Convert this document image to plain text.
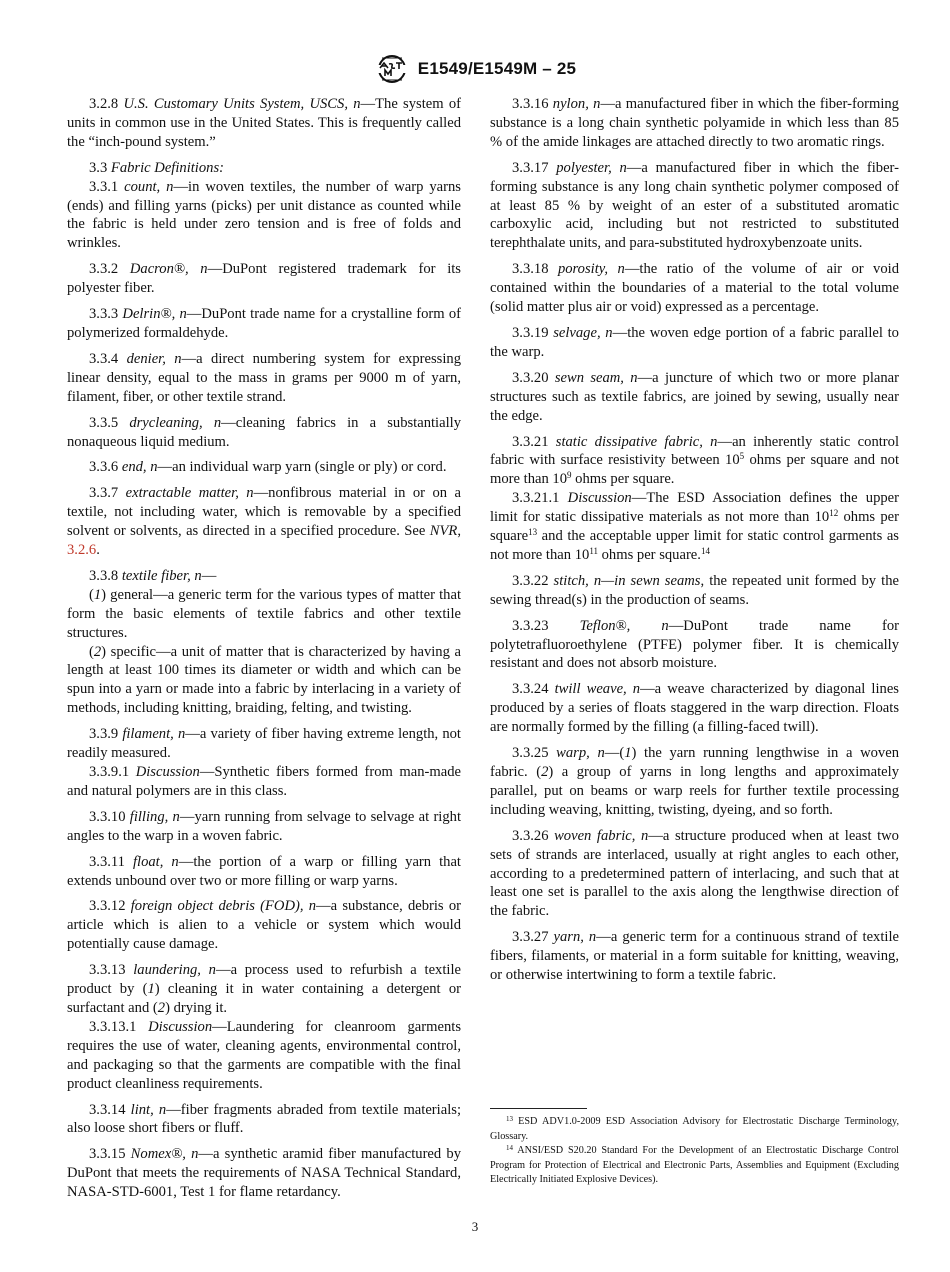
E1549/E1549M – 25

3.2.8 U.S. Customary Units System, USCS, n—The system of units in common use in the United States. This is frequently called the “inch-pound system.”

3.3 Fabric Definitions:

3.3.1 count, n—in woven textiles, the number of warp yarns (ends) and filling yarns (picks) per unit distance as counted while the fabric is held under zero tension and is free of folds and wrinkles.

3.3.2 Dacron®, n—DuPont registered trademark for its polyester fiber.

3.3.3 Delrin®, n—DuPont trade name for a crystalline form of polymerized formaldehyde.

3.3.4 denier, n—a direct numbering system for expressing linear density, equal to the mass in grams per 9000 m of yarn, filament, fiber, or other textile strand.

3.3.5 drycleaning, n—cleaning fabrics in a substantially nonaqueous liquid medium.

3.3.6 end, n—an individual warp yarn (single or ply) or cord.

3.3.7 extractable matter, n—nonfibrous material in or on a textile, not including water, which is removable by a specified solvent or solvents, as directed in a specified procedure. See NVR, 3.2.6.

3.3.8 textile fiber, n—

(1) general—a generic term for the various types of matter that form the basic elements of textile fabrics and other textile structures.

(2) specific—a unit of matter that is characterized by having a length at least 100 times its diameter or width and which can be spun into a yarn or made into a fabric by interlacing in a variety of methods, including knitting, braiding, felting, and twisting.

3.3.9 filament, n—a variety of fiber having extreme length, not readily measured.

3.3.9.1 Discussion—Synthetic fibers formed from man-made and natural polymers are in this class.

3.3.10 filling, n—yarn running from selvage to selvage at right angles to the warp in a woven fabric.

3.3.11 float, n—the portion of a warp or filling yarn that extends unbound over two or more filling or warp yarns.

3.3.12 foreign object debris (FOD), n—a substance, debris or article which is alien to a vehicle or system which would potentially cause damage.

3.3.13 laundering, n—a process used to refurbish a textile product by (1) cleaning it in water containing a detergent or surfactant and (2) drying it.

3.3.13.1 Discussion—Laundering for cleanroom garments requires the use of water, cleaning agents, environmental control, and packaging so that the garments are compatible with the final product cleanliness requirements.

3.3.14 lint, n—fiber fragments abraded from textile materials; also loose short fibers or fluff.

3.3.15 Nomex®, n—a synthetic aramid fiber manufactured by DuPont that meets the requirements of NASA Technical Standard, NASA-STD-6001, Test 1 for flame retardancy.

3.3.16 nylon, n—a manufactured fiber in which the fiber-forming substance is a long chain synthetic polyamide in which less than 85 % of the amide linkages are attached directly to two aromatic rings.

3.3.17 polyester, n—a manufactured fiber in which the fiber-forming substance is any long chain synthetic polymer composed of at least 85 % by weight of an ester of a substituted aromatic carboxylic acid, including but not restricted to substituted terephthalate units, and para-substituted hydroxybenzoate units.

3.3.18 porosity, n—the ratio of the volume of air or void contained within the boundaries of a material to the total volume (solid matter plus air or void) expressed as a percentage.

3.3.19 selvage, n—the woven edge portion of a fabric parallel to the warp.

3.3.20 sewn seam, n—a juncture of which two or more planar structures such as textile fabrics, are joined by sewing, usually near the edge.

3.3.21 static dissipative fabric, n—an inherently static control fabric with surface resistivity between $10^5$ ohms per square and not more than $10^9$ ohms per square.

3.3.21.1 Discussion—The ESD Association defines the upper limit for static dissipative materials as not more than $10^{12}$ ohms per square$^{13}$ and the acceptable upper limit for static control garments as not more than $10^{11}$ ohms per square.$^{14}$

3.3.22 stitch, n—in sewn seams, the repeated unit formed by the sewing thread(s) in the production of seams.

3.3.23 Teflon®, n—DuPont trade name for polytetrafluoroethylene (PTFE) polymer fiber. It is chemically resistant and does not absorb moisture.

3.3.24 twill weave, n—a weave characterized by diagonal lines produced by a series of floats staggered in the warp direction. Floats are normally formed by the filling (a filling-faced twill).

3.3.25 warp, n—(1) the yarn running lengthwise in a woven fabric. (2) a group of yarns in long lengths and approximately parallel, put on beams or warp reels for further textile processing including weaving, knitting, twisting, dyeing, and so forth.

3.3.26 woven fabric, n—a structure produced when at least two sets of strands are interlaced, usually at right angles to each other, according to a predetermined pattern of interlacing, and such that at least one set is parallel to the axis along the lengthwise direction of the fabric.

3.3.27 yarn, n—a generic term for a continuous strand of textile fibers, filaments, or material in a form suitable for knitting, weaving, or otherwise intertwining to form a textile fabric.

$^{13}$ ESD ADV1.0-2009 ESD Association Advisory for Electrostatic Discharge Terminology, Glossary.
$^{14}$ ANSI/ESD S20.20 Standard For the Development of an Electrostatic Discharge Control Program for Protection of Electrical and Electronic Parts, Assemblies and Equipment (Excluding Electrically Initiated Explosive Devices).
3
